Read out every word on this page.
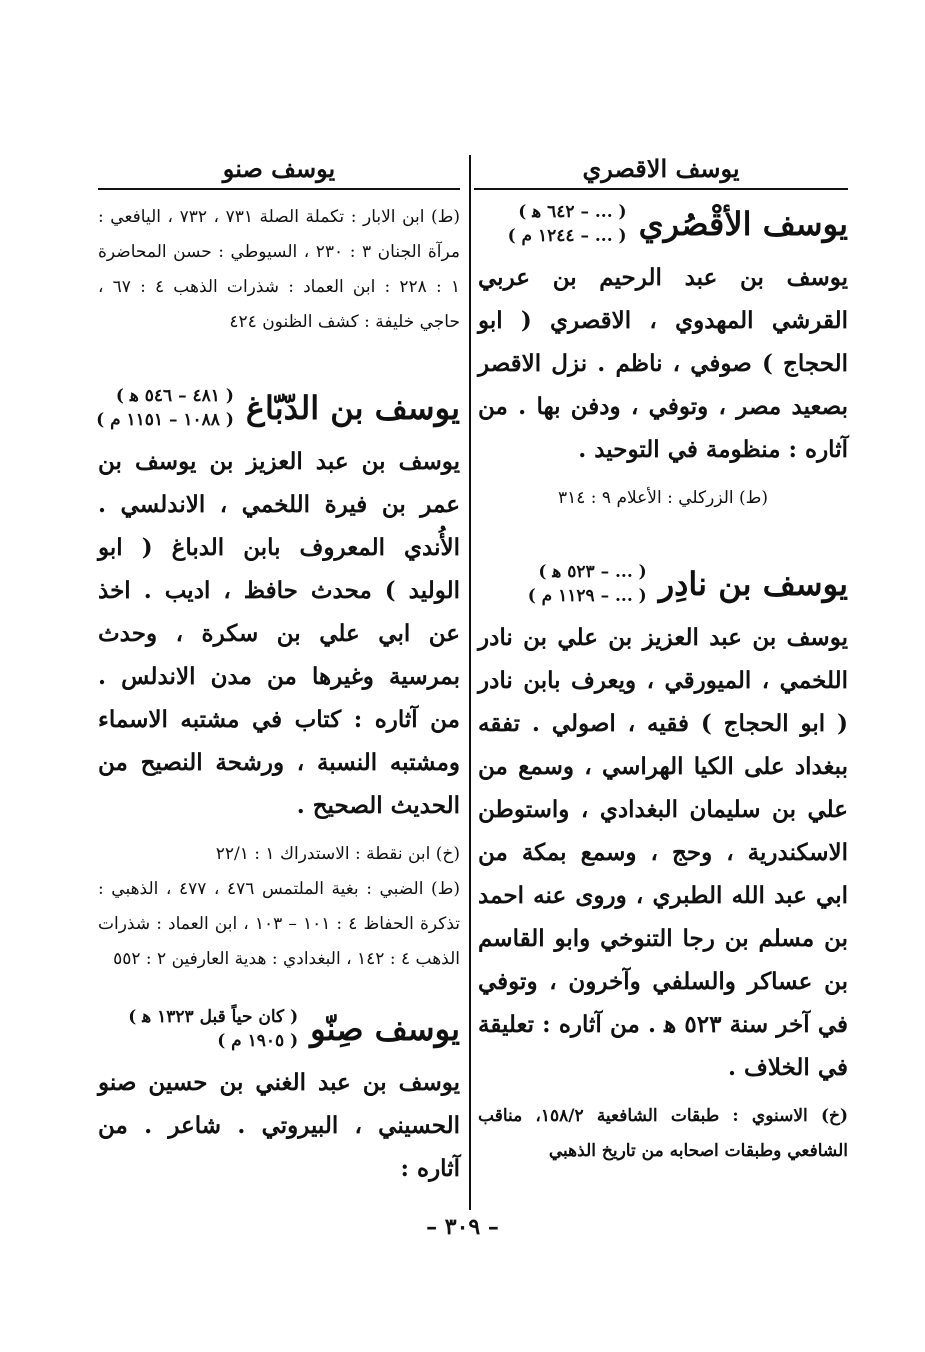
يوسف الاقصري
يوسف الأقْصُري
( ... – ٦٤٢ ﻫ )
( ... – ١٢٤٤ م )

يوسف بن عبد الرحيم بن عربي القرشي المهدوي ، الاقصري ( ابو الحجاج ) صوفي ، ناظم . نزل الاقصر بصعيد مصر ، وتوفي ، ودفن بها . من آثاره : منظومة في التوحيد .

(ط) الزركلي : الأعلام ٩ : ٣١٤

يوسف بن نادِر
( ... – ٥٢٣ ﻫ )
( ... – ١١٢٩ م )

يوسف بن عبد العزيز بن علي بن نادر اللخمي ، الميورقي ، ويعرف بابن نادر ( ابو الحجاج ) فقيه ، اصولي . تفقه ببغداد على الكيا الهراسي ، وسمع من علي بن سليمان البغدادي ، واستوطن الاسكندرية ، وحج ، وسمع بمكة من ابي عبد الله الطبري ، وروى عنه احمد بن مسلم بن رجا التنوخي وابو القاسم بن عساكر والسلفي وآخرون ، وتوفي في آخر سنة ٥٢٣ ﻫ . من آثاره : تعليقة في الخلاف .

(خ) الاسنوي : طبقات الشافعية ١٥٨/٢، مناقب الشافعي وطبقات اصحابه من تاريخ الذهبي

يوسف صنو

(ط) ابن الابار : تكملة الصلة ٧٣١ ، ٧٣٢ ، اليافعي : مرآة الجنان ٣ : ٢٣٠ ، السيوطي : حسن المحاضرة ١ : ٢٢٨ : ابن العماد : شذرات الذهب ٤ : ٦٧ ، حاجي خليفة : كشف الظنون ٤٢٤

يوسف بن الدّبّاغ
( ٤٨١ – ٥٤٦ ﻫ )
( ١٠٨٨ – ١١٥١ م )

يوسف بن عبد العزيز بن يوسف بن عمر بن فيرة اللخمي ، الاندلسي . الأُندي المعروف بابن الدباغ ( ابو الوليد ) محدث حافظ ، اديب . اخذ عن ابي علي بن سكرة ، وحدث بمرسية وغيرها من مدن الاندلس . من آثاره : كتاب في مشتبه الاسماء ومشتبه النسبة ، ورشحة النصيح من الحديث الصحيح .

(خ) ابن نقطة : الاستدراك ١ : ٢٢/١

(ط) الضبي : بغية الملتمس ٤٧٦ ، ٤٧٧ ، الذهبي : تذكرة الحفاظ ٤ : ١٠١ – ١٠٣ ، ابن العماد : شذرات الذهب ٤ : ١٤٢ ، البغدادي : هدية العارفين ٢ : ٥٥٢

يوسف صِنّو
( كان حياً قبل ١٣٢٣ ﻫ )
( ١٩٠٥ م )

يوسف بن عبد الغني بن حسين صنو الحسيني ، البيروتي . شاعر . من آثاره :

– ٣٠٩ –
